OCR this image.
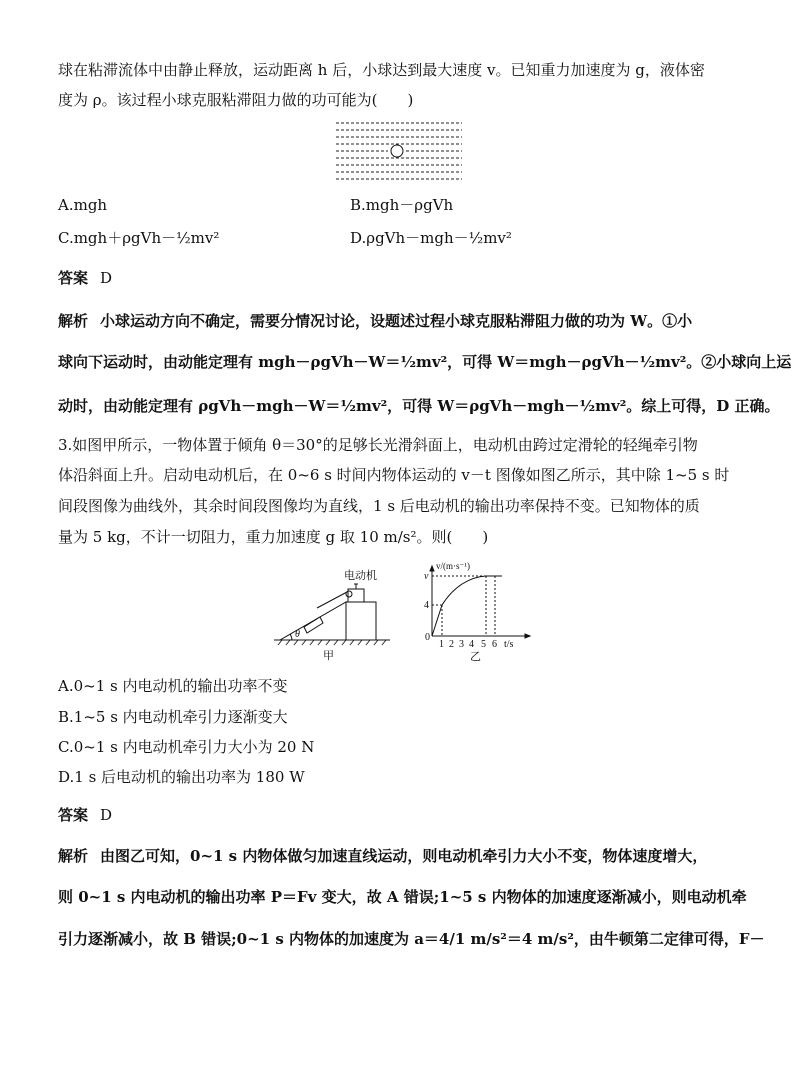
球在粘滞流体中由静止释放，运动距离 h 后，小球达到最大速度 v。已知重力加速度为 g，液体密
度为 ρ。该过程小球克服粘滞阻力做的功可能为(　　)
A.mgh	B.mgh－ρgVh
C.mgh＋ρgVh－½mv²	D.ρgVh－mgh－½mv²
答案 D
解析 小球运动方向不确定，需要分情况讨论，设题述过程小球克服粘滞阻力做的功为 W。①小
球向下运动时，由动能定理有 mgh－ρgVh－W＝½mv²，可得 W＝mgh－ρgVh－½mv²。②小球向上运
动时，由动能定理有 ρgVh－mgh－W＝½mv²，可得 W＝ρgVh－mgh－½mv²。综上可得，D 正确。
3.如图甲所示，一物体置于倾角 θ＝30°的足够长光滑斜面上，电动机由跨过定滑轮的轻绳牵引物
体沿斜面上升。启动电动机后，在 0~6 s 时间内物体运动的 v－t 图像如图乙所示，其中除 1~5 s 时
间段图像为曲线外，其余时间段图像均为直线，1 s 后电动机的输出功率保持不变。已知物体的质
量为 5 kg，不计一切阻力，重力加速度 g 取 10 m/s²。则(　　)
电动机
θ
甲
v/(m·s⁻¹)
v
4
0
1 2 3 4 5 6 t/s
乙
A.0~1 s 内电动机的输出功率不变
B.1~5 s 内电动机牵引力逐渐变大
C.0~1 s 内电动机牵引力大小为 20 N
D.1 s 后电动机的输出功率为 180 W
答案 D
解析 由图乙可知，0~1 s 内物体做匀加速直线运动，则电动机牵引力大小不变，物体速度增大，
则 0~1 s 内电动机的输出功率 P＝Fv 变大，故 A 错误;1~5 s 内物体的加速度逐渐减小，则电动机牵
引力逐渐减小，故 B 错误;0~1 s 内物体的加速度为 a＝4/1 m/s²＝4 m/s²，由牛顿第二定律可得，F－
